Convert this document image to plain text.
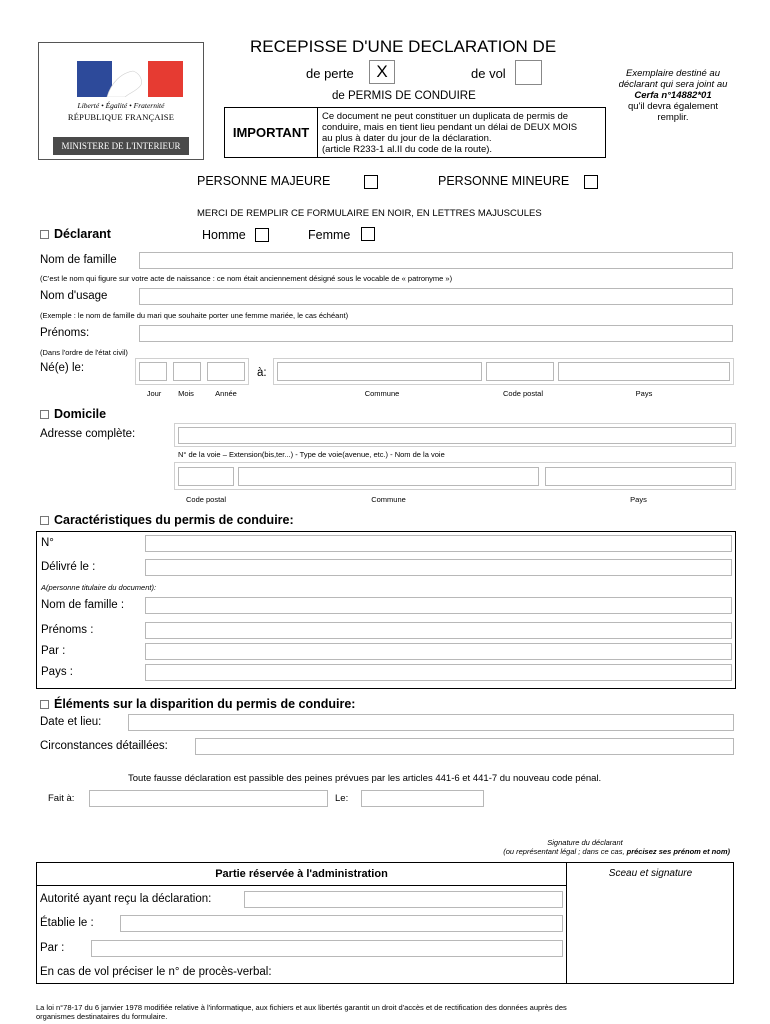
Liberté • Égalité • Fraternité
RÉPUBLIQUE FRANÇAISE
MINISTERE DE L'INTERIEUR
RECEPISSE D'UNE DECLARATION DE
de perte	X	de vol
de PERMIS DE CONDUIRE
Exemplaire destiné au
déclarant qui sera joint au
Cerfa n°14882*01
qu'il devra également
remplir.
IMPORTANT
Ce document ne peut constituer un duplicata de permis de
conduire, mais en tient lieu pendant un délai de DEUX MOIS
au plus à dater du jour de la déclaration.
(article R233-1 al.II du code de la route).
PERSONNE MAJEURE	PERSONNE MINEURE
MERCI DE REMPLIR CE FORMULAIRE EN NOIR, EN LETTRES MAJUSCULES
Déclarant	Homme	Femme
Nom de famille
(C'est le nom qui figure sur votre acte de naissance : ce nom était anciennement désigné sous le vocable de « patronyme »)
Nom d'usage
(Exemple : le nom de famille du mari que souhaite porter une femme mariée, le cas échéant)
Prénoms:
(Dans l'ordre de l'état civil)
Né(e) le:	à:
Jour	Mois	Année	Commune	Code postal	Pays
Domicile
Adresse complète:
N° de la voie – Extension(bis,ter...) - Type de voie(avenue, etc.) - Nom de la voie
Code postal	Commune	Pays
Caractéristiques du permis de conduire:
N°
Délivré le :
A(personne titulaire du document):
Nom de famille :
Prénoms :
Par :
Pays :
Éléments sur la disparition du permis de conduire:
Date et lieu:
Circonstances détaillées:
Toute fausse déclaration est passible des peines prévues par les articles 441-6 et 441-7 du nouveau code pénal.
Fait à:	Le:
Signature du déclarant
(ou représentant légal ; dans ce cas, précisez ses prénom et nom)
Partie réservée à l'administration	Sceau et signature
Autorité ayant reçu la déclaration:
Établie le :
Par :
En cas de vol préciser le n° de procès-verbal:
La loi n°78-17 du 6 janvier 1978 modifiée relative à l'informatique, aux fichiers et aux libertés garantit un droit d'accès et de rectification des données auprès des
organismes destinataires du formulaire.
